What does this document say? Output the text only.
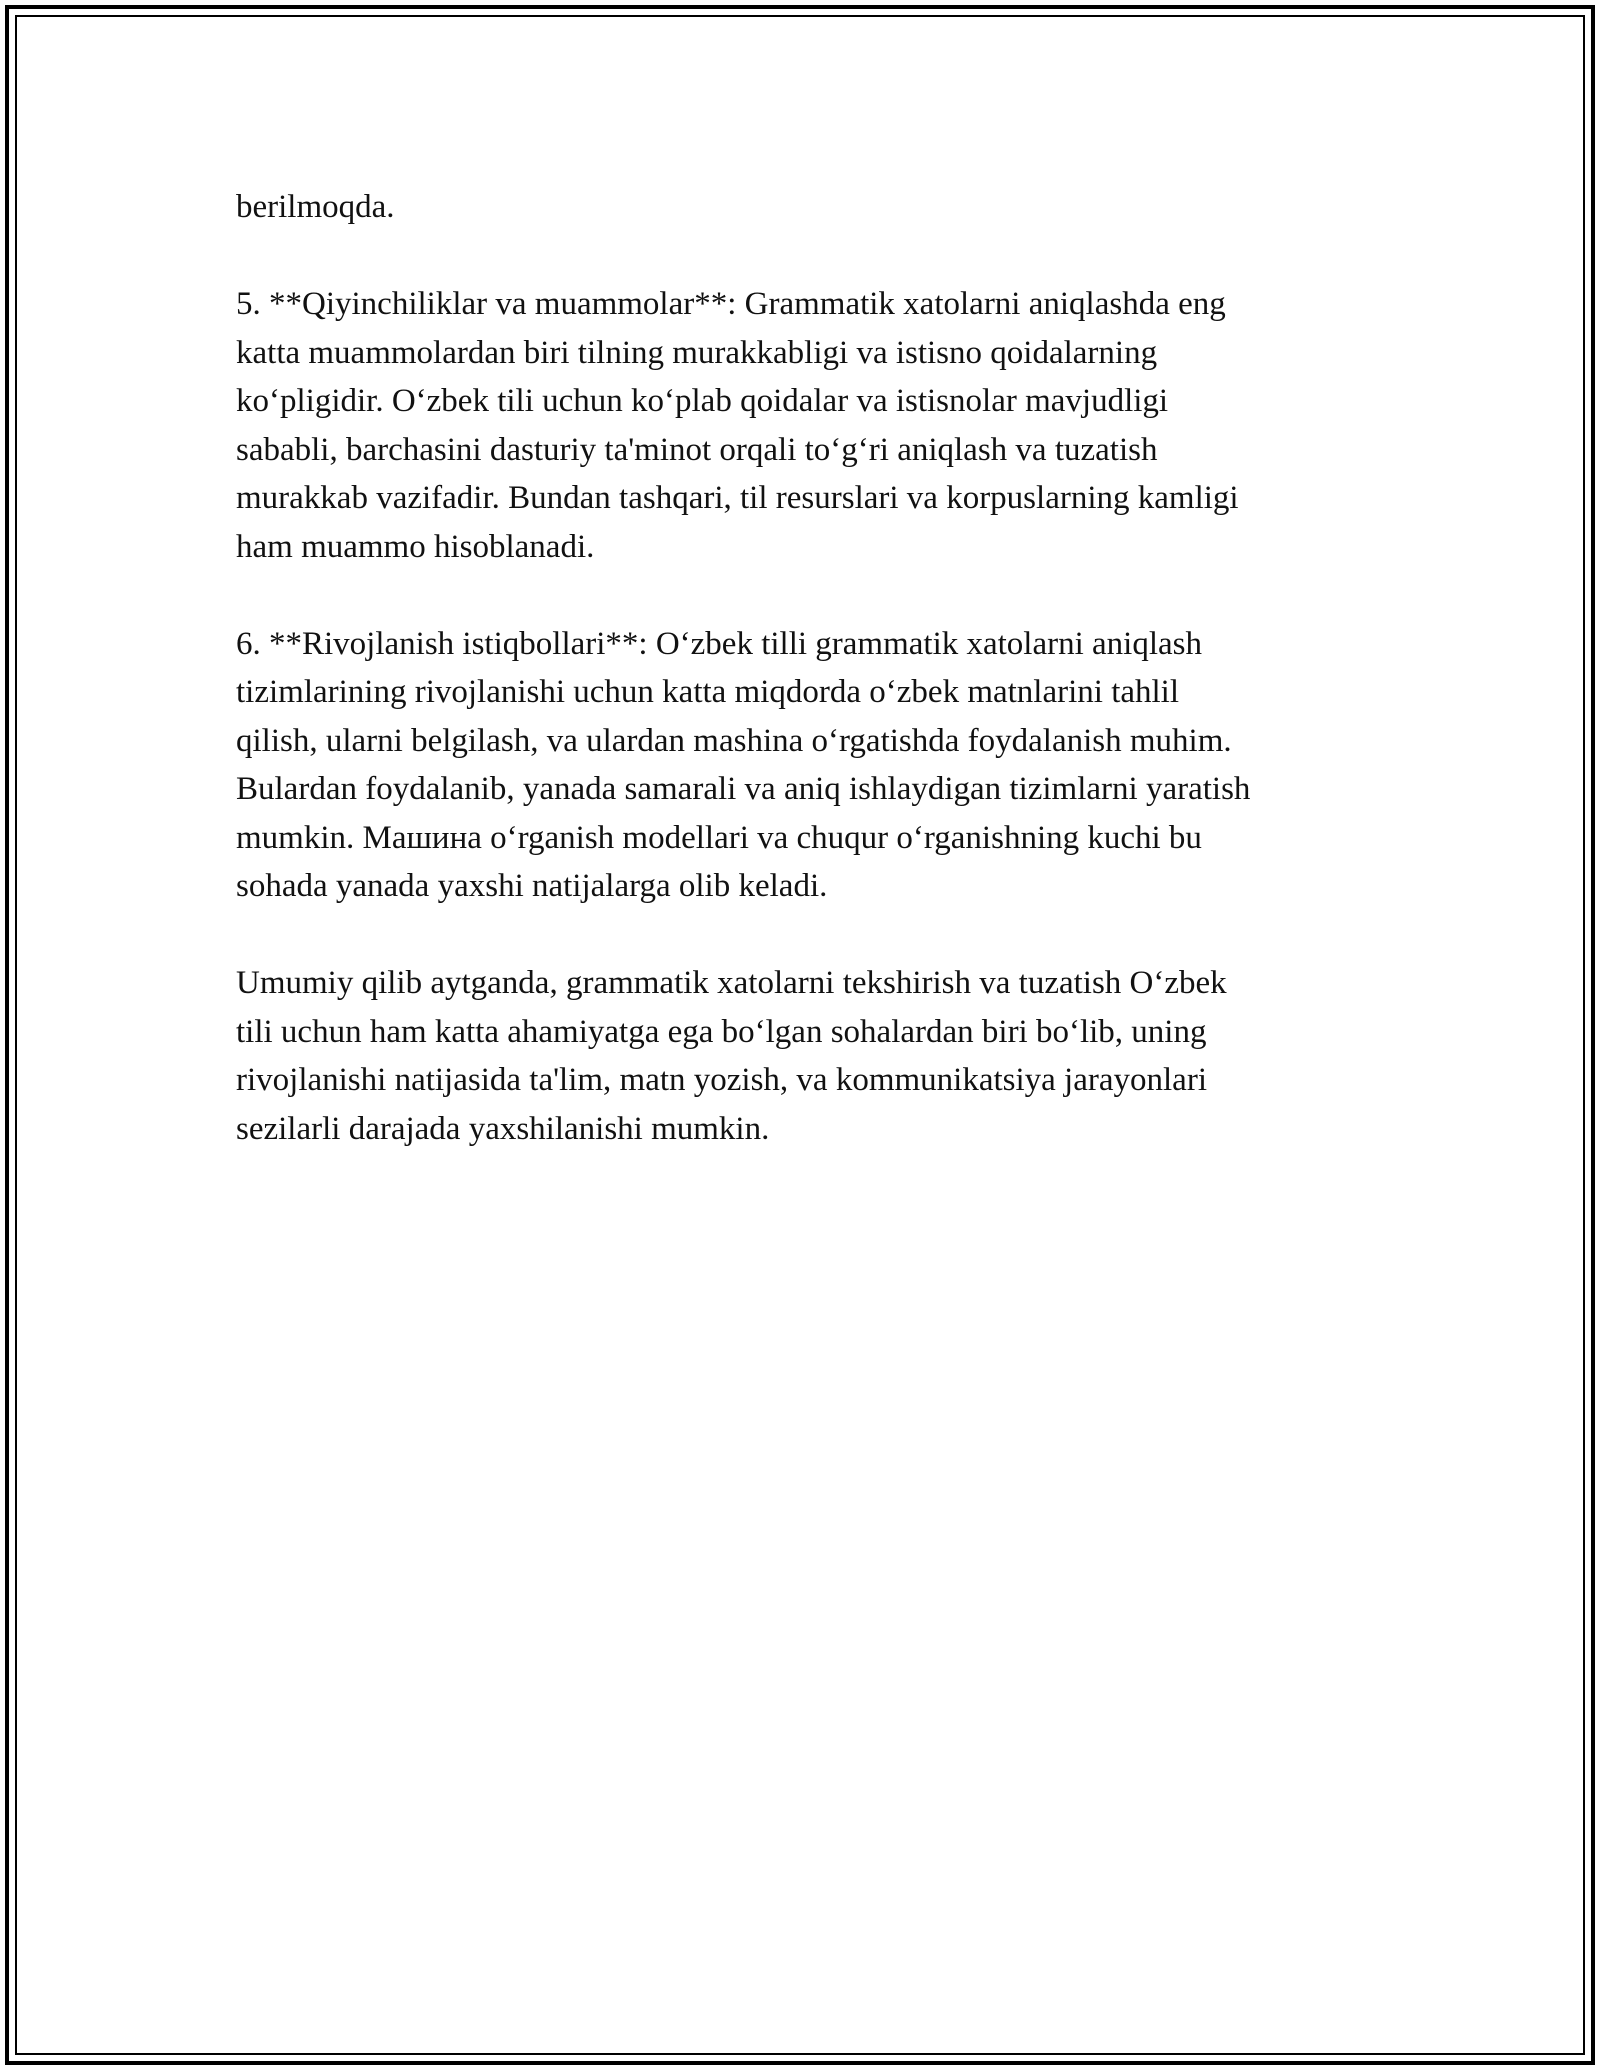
berilmoqda.

5. **Qiyinchiliklar va muammolar**: Grammatik xatolarni aniqlashda eng
katta muammolardan biri tilning murakkabligi va istisno qoidalarning
ko‘pligidir. O‘zbek tili uchun ko‘plab qoidalar va istisnolar mavjudligi
sababli, barchasini dasturiy ta'minot orqali to‘g‘ri aniqlash va tuzatish
murakkab vazifadir. Bundan tashqari, til resurslari va korpuslarning kamligi
ham muammo hisoblanadi.

6. **Rivojlanish istiqbollari**: O‘zbek tilli grammatik xatolarni aniqlash
tizimlarining rivojlanishi uchun katta miqdorda o‘zbek matnlarini tahlil
qilish, ularni belgilash, va ulardan mashina o‘rgatishda foydalanish muhim.
Bulardan foydalanib, yanada samarali va aniq ishlaydigan tizimlarni yaratish
mumkin. Машина o‘rganish modellari va chuqur o‘rganishning kuchi bu
sohada yanada yaxshi natijalarga olib keladi.

Umumiy qilib aytganda, grammatik xatolarni tekshirish va tuzatish O‘zbek
tili uchun ham katta ahamiyatga ega bo‘lgan sohalardan biri bo‘lib, uning
rivojlanishi natijasida ta'lim, matn yozish, va kommunikatsiya jarayonlari
sezilarli darajada yaxshilanishi mumkin.
